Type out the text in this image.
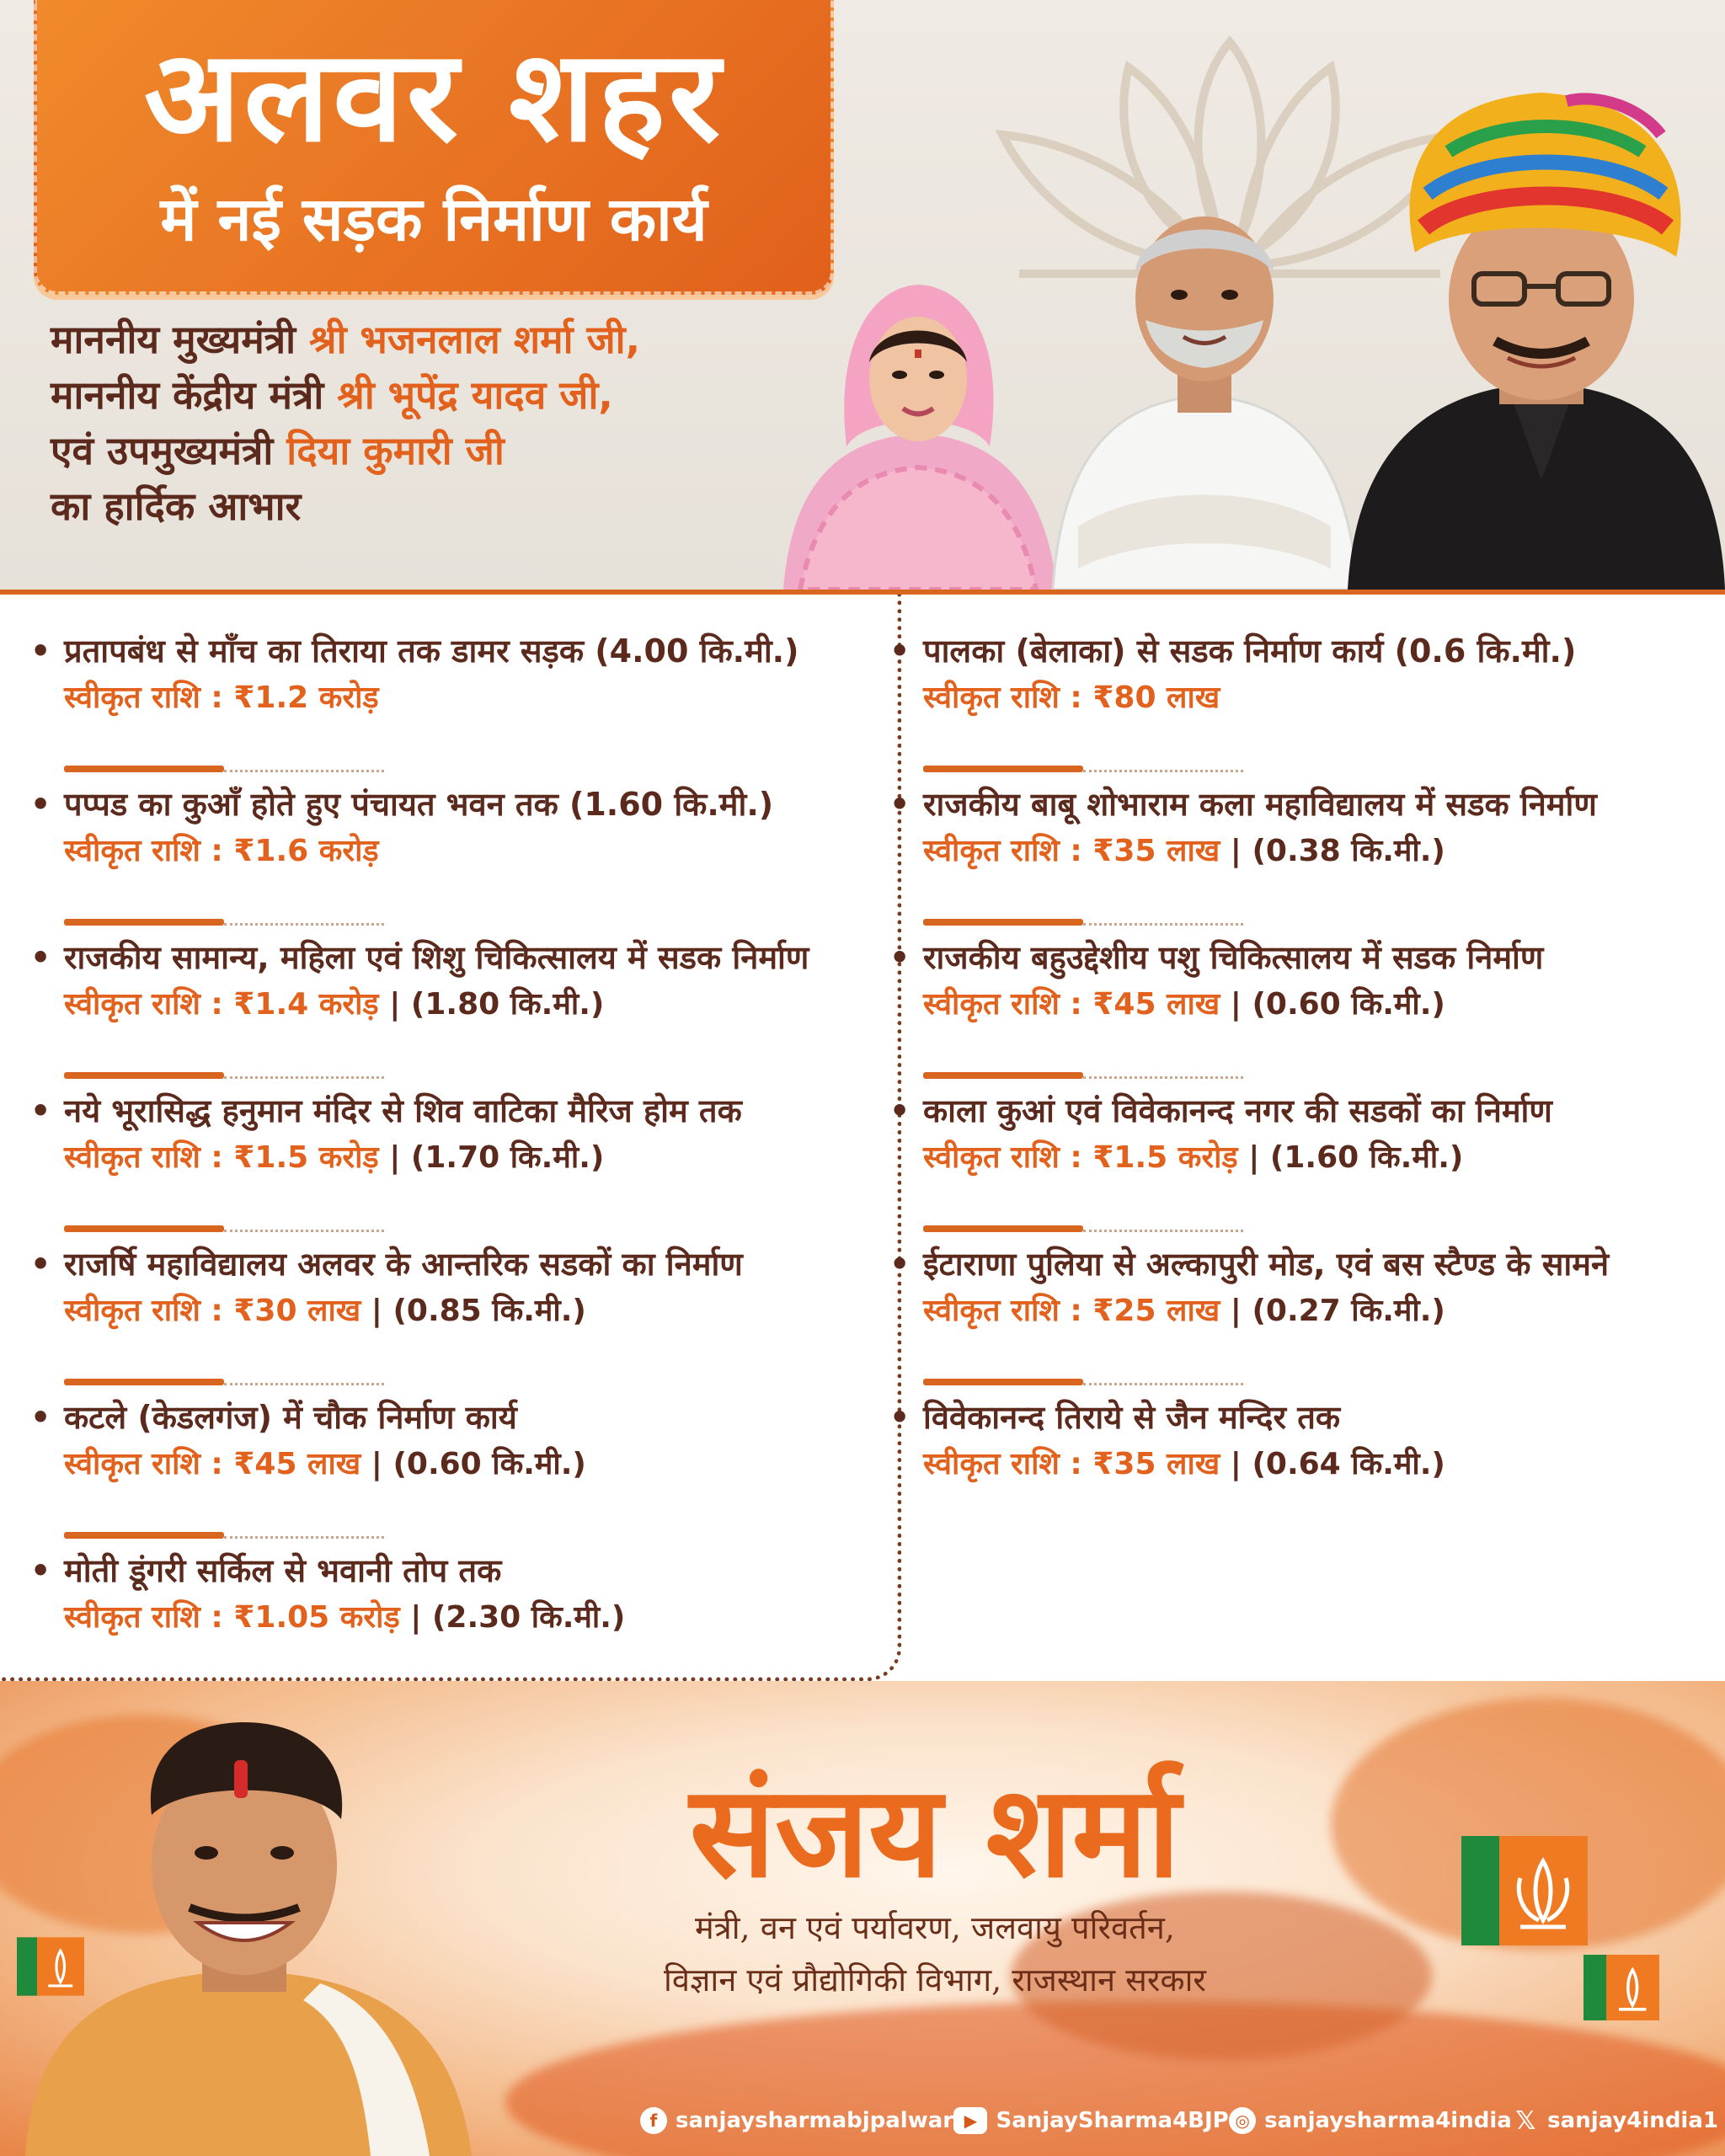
अलवर शहर
में नई सड़क निर्माण कार्य
माननीय मुख्यमंत्री श्री भजनलाल शर्मा जी,
माननीय केंद्रीय मंत्री श्री भूपेंद्र यादव जी,
एवं उपमुख्यमंत्री दिया कुमारी जी
का हार्दिक आभार
• प्रतापबंध से माँच का तिराया तक डामर सड़क (4.00 कि.मी.)
स्वीकृत राशि : ₹1.2 करोड़
• पप्पड का कुआँ होते हुए पंचायत भवन तक (1.60 कि.मी.)
स्वीकृत राशि : ₹1.6 करोड़
• राजकीय सामान्य, महिला एवं शिशु चिकित्सालय में सडक निर्माण
स्वीकृत राशि : ₹1.4 करोड़ | (1.80 कि.मी.)
• नये भूरासिद्ध हनुमान मंदिर से शिव वाटिका मैरिज होम तक
स्वीकृत राशि : ₹1.5 करोड़ | (1.70 कि.मी.)
• राजर्षि महाविद्यालय अलवर के आन्तरिक सडकों का निर्माण
स्वीकृत राशि : ₹30 लाख | (0.85 कि.मी.)
• कटले (केडलगंज) में चौक निर्माण कार्य
स्वीकृत राशि : ₹45 लाख | (0.60 कि.मी.)
• मोती डूंगरी सर्किल से भवानी तोप तक
स्वीकृत राशि : ₹1.05 करोड़ | (2.30 कि.मी.)
• पालका (बेलाका) से सडक निर्माण कार्य (0.6 कि.मी.)
स्वीकृत राशि : ₹80 लाख
• राजकीय बाबू शोभाराम कला महाविद्यालय में सडक निर्माण
स्वीकृत राशि : ₹35 लाख | (0.38 कि.मी.)
• राजकीय बहुउद्देशीय पशु चिकित्सालय में सडक निर्माण
स्वीकृत राशि : ₹45 लाख | (0.60 कि.मी.)
• काला कुआं एवं विवेकानन्द नगर की सडकों का निर्माण
स्वीकृत राशि : ₹1.5 करोड़ | (1.60 कि.मी.)
• ईटाराणा पुलिया से अल्कापुरी मोड, एवं बस स्टैण्ड के सामने
स्वीकृत राशि : ₹25 लाख | (0.27 कि.मी.)
• विवेकानन्द तिराये से जैन मन्दिर तक
स्वीकृत राशि : ₹35 लाख | (0.64 कि.मी.)
संजय शर्मा
मंत्री, वन एवं पर्यावरण, जलवायु परिवर्तन,
विज्ञान एवं प्रौद्योगिकी विभाग, राजस्थान सरकार
f sanjaysharmabjpalwar ▶ SanjaySharma4BJP ◎ sanjaysharma4india 𝕏 sanjay4india1
